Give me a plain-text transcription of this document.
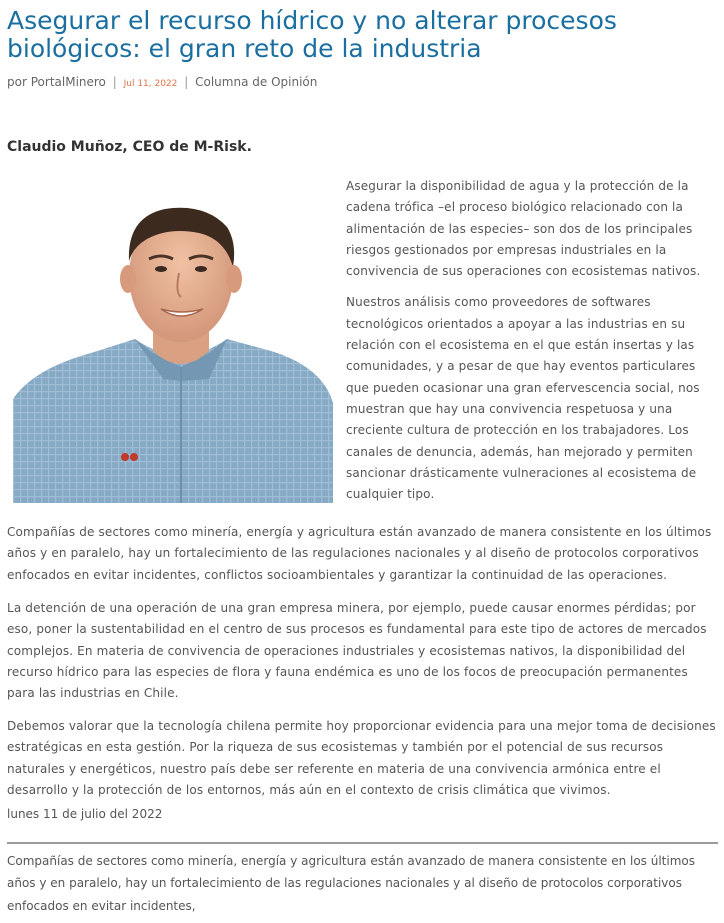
Asegurar el recurso hídrico y no alterar procesos biológicos: el gran reto de la industria
por PortalMinero | Jul 11, 2022 | Columna de Opinión
Claudio Muñoz, CEO de M-Risk.

Asegurar la disponibilidad de agua y la protección de la cadena trófica –el proceso biológico relacionado con la alimentación de las especies– son dos de los principales riesgos gestionados por empresas industriales en la convivencia de sus operaciones con ecosistemas nativos.

Nuestros análisis como proveedores de softwares tecnológicos orientados a apoyar a las industrias en su relación con el ecosistema en el que están insertas y las comunidades, y a pesar de que hay eventos particulares que pueden ocasionar una gran efervescencia social, nos muestran que hay una convivencia respetuosa y una creciente cultura de protección en los trabajadores. Los canales de denuncia, además, han mejorado y permiten sancionar drásticamente vulneraciones al ecosistema de cualquier tipo.

Compañías de sectores como minería, energía y agricultura están avanzado de manera consistente en los últimos años y en paralelo, hay un fortalecimiento de las regulaciones nacionales y al diseño de protocolos corporativos enfocados en evitar incidentes, conflictos socioambientales y garantizar la continuidad de las operaciones.

La detención de una operación de una gran empresa minera, por ejemplo, puede causar enormes pérdidas; por eso, poner la sustentabilidad en el centro de sus procesos es fundamental para este tipo de actores de mercados complejos. En materia de convivencia de operaciones industriales y ecosistemas nativos, la disponibilidad del recurso hídrico para las especies de flora y fauna endémica es uno de los focos de preocupación permanentes para las industrias en Chile.

Debemos valorar que la tecnología chilena permite hoy proporcionar evidencia para una mejor toma de decisiones estratégicas en esta gestión. Por la riqueza de sus ecosistemas y también por el potencial de sus recursos naturales y energéticos, nuestro país debe ser referente en materia de una convivencia armónica entre el desarrollo y la protección de los entornos, más aún en el contexto de crisis climática que vivimos.

lunes 11 de julio del 2022

Compañías de sectores como minería, energía y agricultura están avanzado de manera consistente en los últimos años y en paralelo, hay un fortalecimiento de las regulaciones nacionales y al diseño de protocolos corporativos enfocados en evitar incidentes,
